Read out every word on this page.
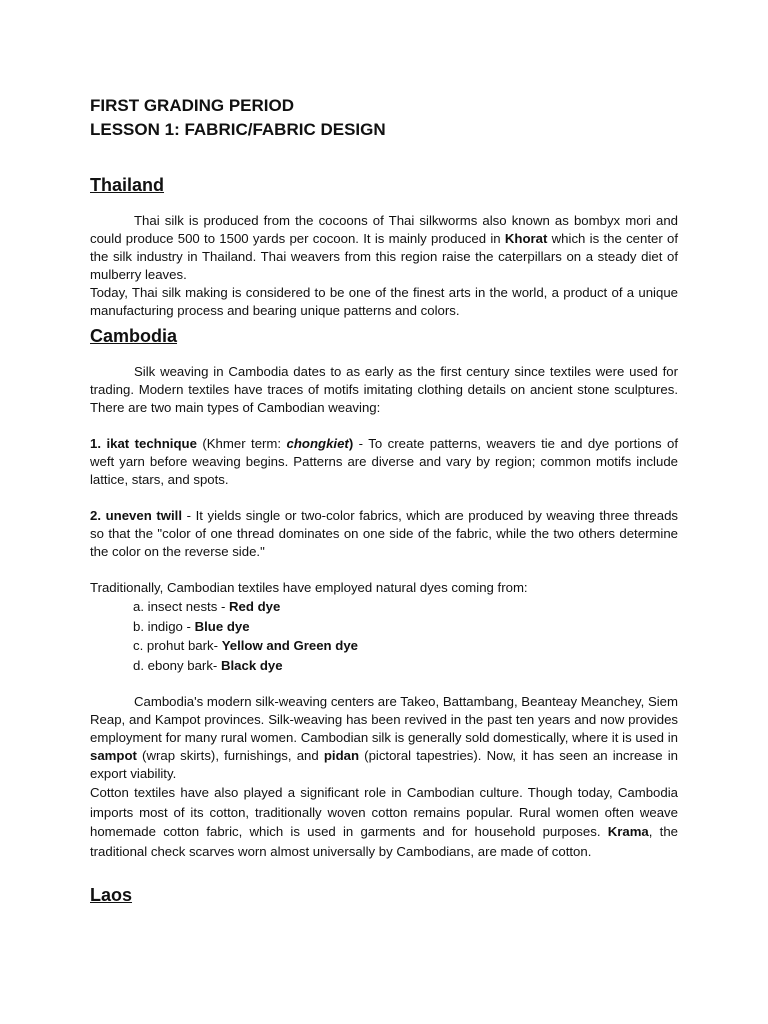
FIRST GRADING PERIOD

LESSON 1: FABRIC/FABRIC DESIGN

Thailand

Thai silk is produced from the cocoons of Thai silkworms also known as bombyx mori and could produce 500 to 1500 yards per cocoon. It is mainly produced in Khorat which is the center of the silk industry in Thailand. Thai weavers from this region raise the caterpillars on a steady diet of mulberry leaves.

Today, Thai silk making is considered to be one of the finest arts in the world, a product of a unique manufacturing process and bearing unique patterns and colors.

Cambodia

Silk weaving in Cambodia dates to as early as the first century since textiles were used for trading. Modern textiles have traces of motifs imitating clothing details on ancient stone sculptures. There are two main types of Cambodian weaving:

1. ikat technique (Khmer term: chongkiet) - To create patterns, weavers tie and dye portions of weft yarn before weaving begins. Patterns are diverse and vary by region; common motifs include lattice, stars, and spots.

2. uneven twill - It yields single or two-color fabrics, which are produced by weaving three threads so that the "color of one thread dominates on one side of the fabric, while the two others determine the color on the reverse side."

Traditionally, Cambodian textiles have employed natural dyes coming from:

a. insect nests - Red dye
b. indigo - Blue dye
c. prohut bark- Yellow and Green dye
d. ebony bark- Black dye

Cambodia's modern silk-weaving centers are Takeo, Battambang, Beanteay Meanchey, Siem Reap, and Kampot provinces. Silk-weaving has been revived in the past ten years and now provides employment for many rural women. Cambodian silk is generally sold domestically, where it is used in sampot (wrap skirts), furnishings, and pidan (pictoral tapestries). Now, it has seen an increase in export viability.

Cotton textiles have also played a significant role in Cambodian culture. Though today, Cambodia imports most of its cotton, traditionally woven cotton remains popular. Rural women often weave homemade cotton fabric, which is used in garments and for household purposes. Krama, the traditional check scarves worn almost universally by Cambodians, are made of cotton.

Laos
